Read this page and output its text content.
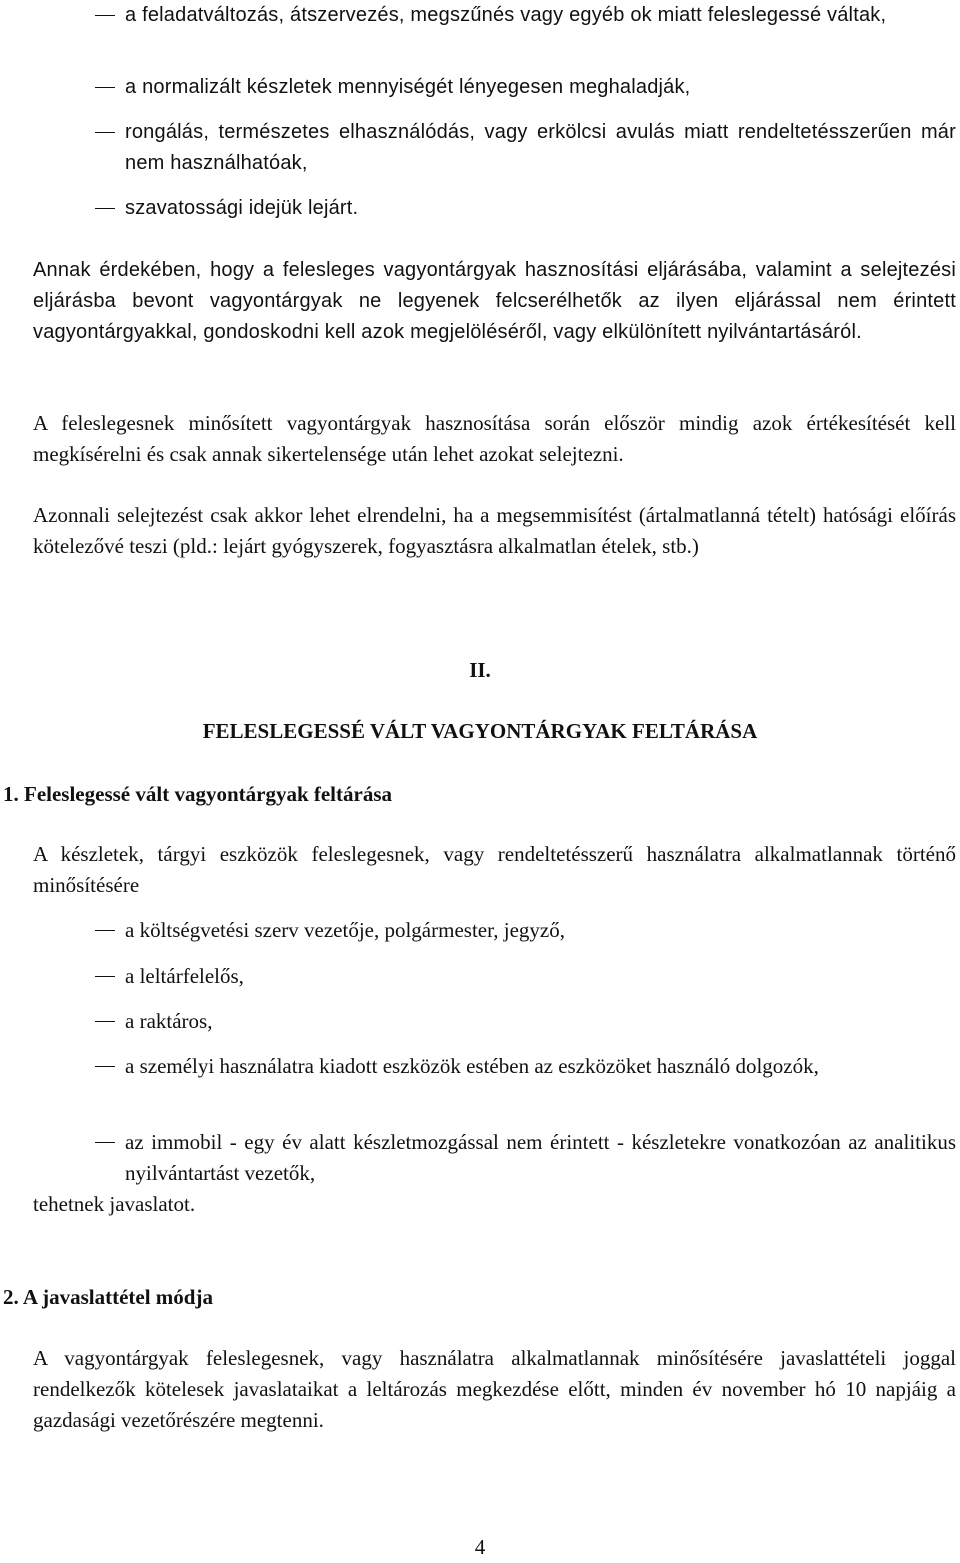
a feladatváltozás, átszervezés, megszűnés vagy egyéb ok miatt feleslegessé váltak,
a normalizált készletek mennyiségét lényegesen meghaladják,
rongálás, természetes elhasználódás, vagy erkölcsi avulás miatt rendeltetésszerűen már nem használhatóak,
szavatossági idejük lejárt.
Annak érdekében, hogy a felesleges vagyontárgyak hasznosítási eljárásába, valamint a selejtezési eljárásba bevont vagyontárgyak ne legyenek felcserélhetők az ilyen eljárással nem érintett vagyontárgyakkal, gondoskodni kell azok megjelöléséről, vagy elkülönített nyilvántartásáról.
A feleslegesnek minősített vagyontárgyak hasznosítása során először mindig azok értékesítését kell megkísérelni és csak annak sikertelensége után lehet azokat selejtezni.
Azonnali selejtezést csak akkor lehet elrendelni, ha a megsemmisítést (ártalmatlanná tételt) hatósági előírás kötelezővé teszi (pld.: lejárt gyógyszerek, fogyasztásra alkalmatlan ételek, stb.)
II.
FELESLEGESSÉ VÁLT VAGYONTÁRGYAK FELTÁRÁSA
1. Feleslegessé vált vagyontárgyak feltárása
A készletek, tárgyi eszközök feleslegesnek, vagy rendeltetésszerű használatra alkalmatlannak történő minősítésére
a költségvetési szerv vezetője, polgármester, jegyző,
a leltárfelelős,
a raktáros,
a személyi használatra kiadott eszközök estében az eszközöket használó dolgozók,
az immobil - egy év alatt készletmozgással nem érintett - készletekre vonatkozóan az analitikus nyilvántartást vezetők,
tehetnek javaslatot.
2. A javaslattétel módja
A vagyontárgyak feleslegesnek, vagy használatra alkalmatlannak minősítésére javaslattételi joggal rendelkezők kötelesek javaslataikat a leltározás megkezdése előtt, minden év november hó 10 napjáig a gazdasági vezetőrészére megtenni.
4
